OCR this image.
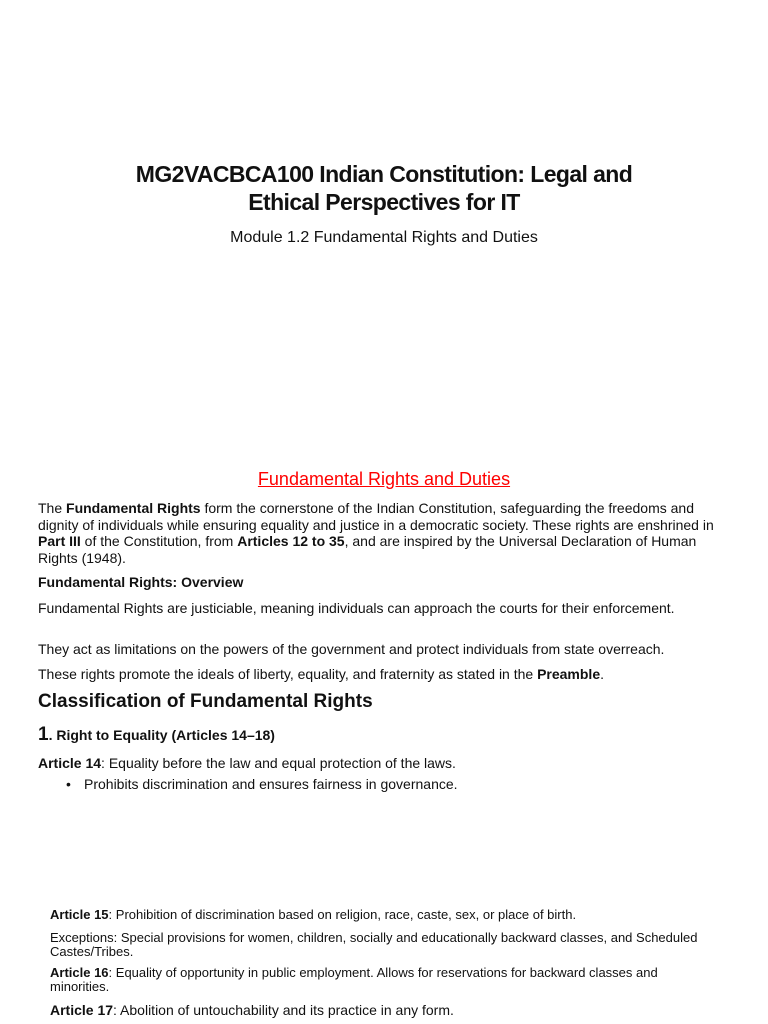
MG2VACBCA100 Indian Constitution: Legal and
Ethical Perspectives for IT
Module 1.2 Fundamental Rights and Duties
Fundamental Rights and Duties
The Fundamental Rights form the cornerstone of the Indian Constitution, safeguarding the freedoms and dignity of individuals while ensuring equality and justice in a democratic society. These rights are enshrined in Part III of the Constitution, from Articles 12 to 35, and are inspired by the Universal Declaration of Human Rights (1948).
Fundamental Rights: Overview
Fundamental Rights are justiciable, meaning individuals can approach the courts for their enforcement.
They act as limitations on the powers of the government and protect individuals from state overreach.
These rights promote the ideals of liberty, equality, and fraternity as stated in the Preamble.
Classification of Fundamental Rights
1. Right to Equality (Articles 14–18)
Article 14: Equality before the law and equal protection of the laws.
• Prohibits discrimination and ensures fairness in governance.
Article 15: Prohibition of discrimination based on religion, race, caste, sex, or place of birth.
Exceptions: Special provisions for women, children, socially and educationally backward classes, and Scheduled Castes/Tribes.
Article 16: Equality of opportunity in public employment. Allows for reservations for backward classes and minorities.
Article 17: Abolition of untouchability and its practice in any form.
